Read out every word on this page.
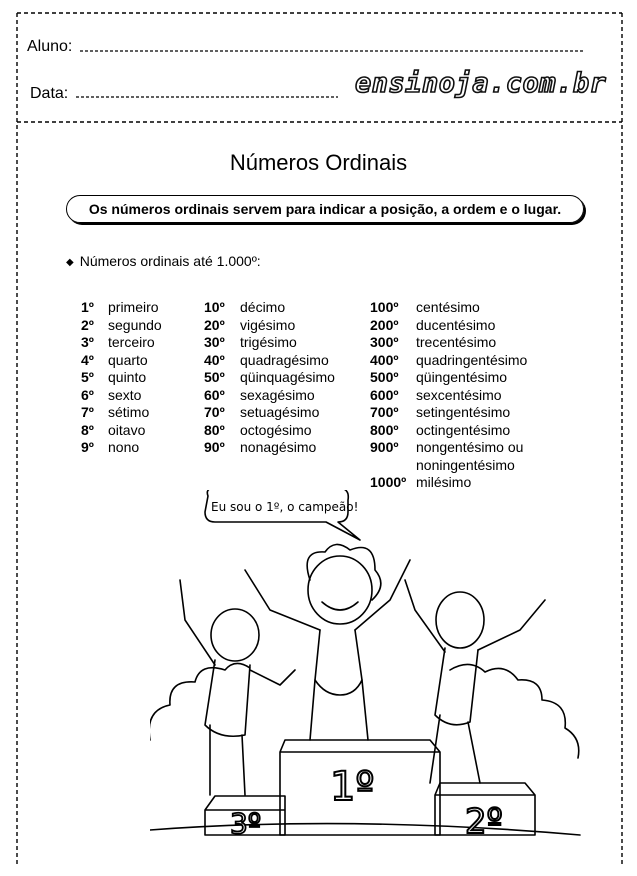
Aluno:
Data:	ensinoja.com.br
Números Ordinais
Os números ordinais servem para indicar a posição, a ordem e o lugar.
◆ Números ordinais até 1.000º:
1º primeiro
2º segundo
3º terceiro
4º quarto
5º quinto
6º sexto
7º sétimo
8º oitavo
9º nono
10º décimo
20º vigésimo
30º trigésimo
40º quadragésimo
50º qüinquagésimo
60º sexagésimo
70º setuagésimo
80º octogésimo
90º nonagésimo
100º centésimo
200º ducentésimo
300º trecentésimo
400º quadringentésimo
500º qüingentésimo
600º sexcentésimo
700º setingentésimo
800º octingentésimo
900º nongentésimo ou
noningentésimo
1000º milésimo
1º
3º	2º
Eu sou o 1º, o campeão!
